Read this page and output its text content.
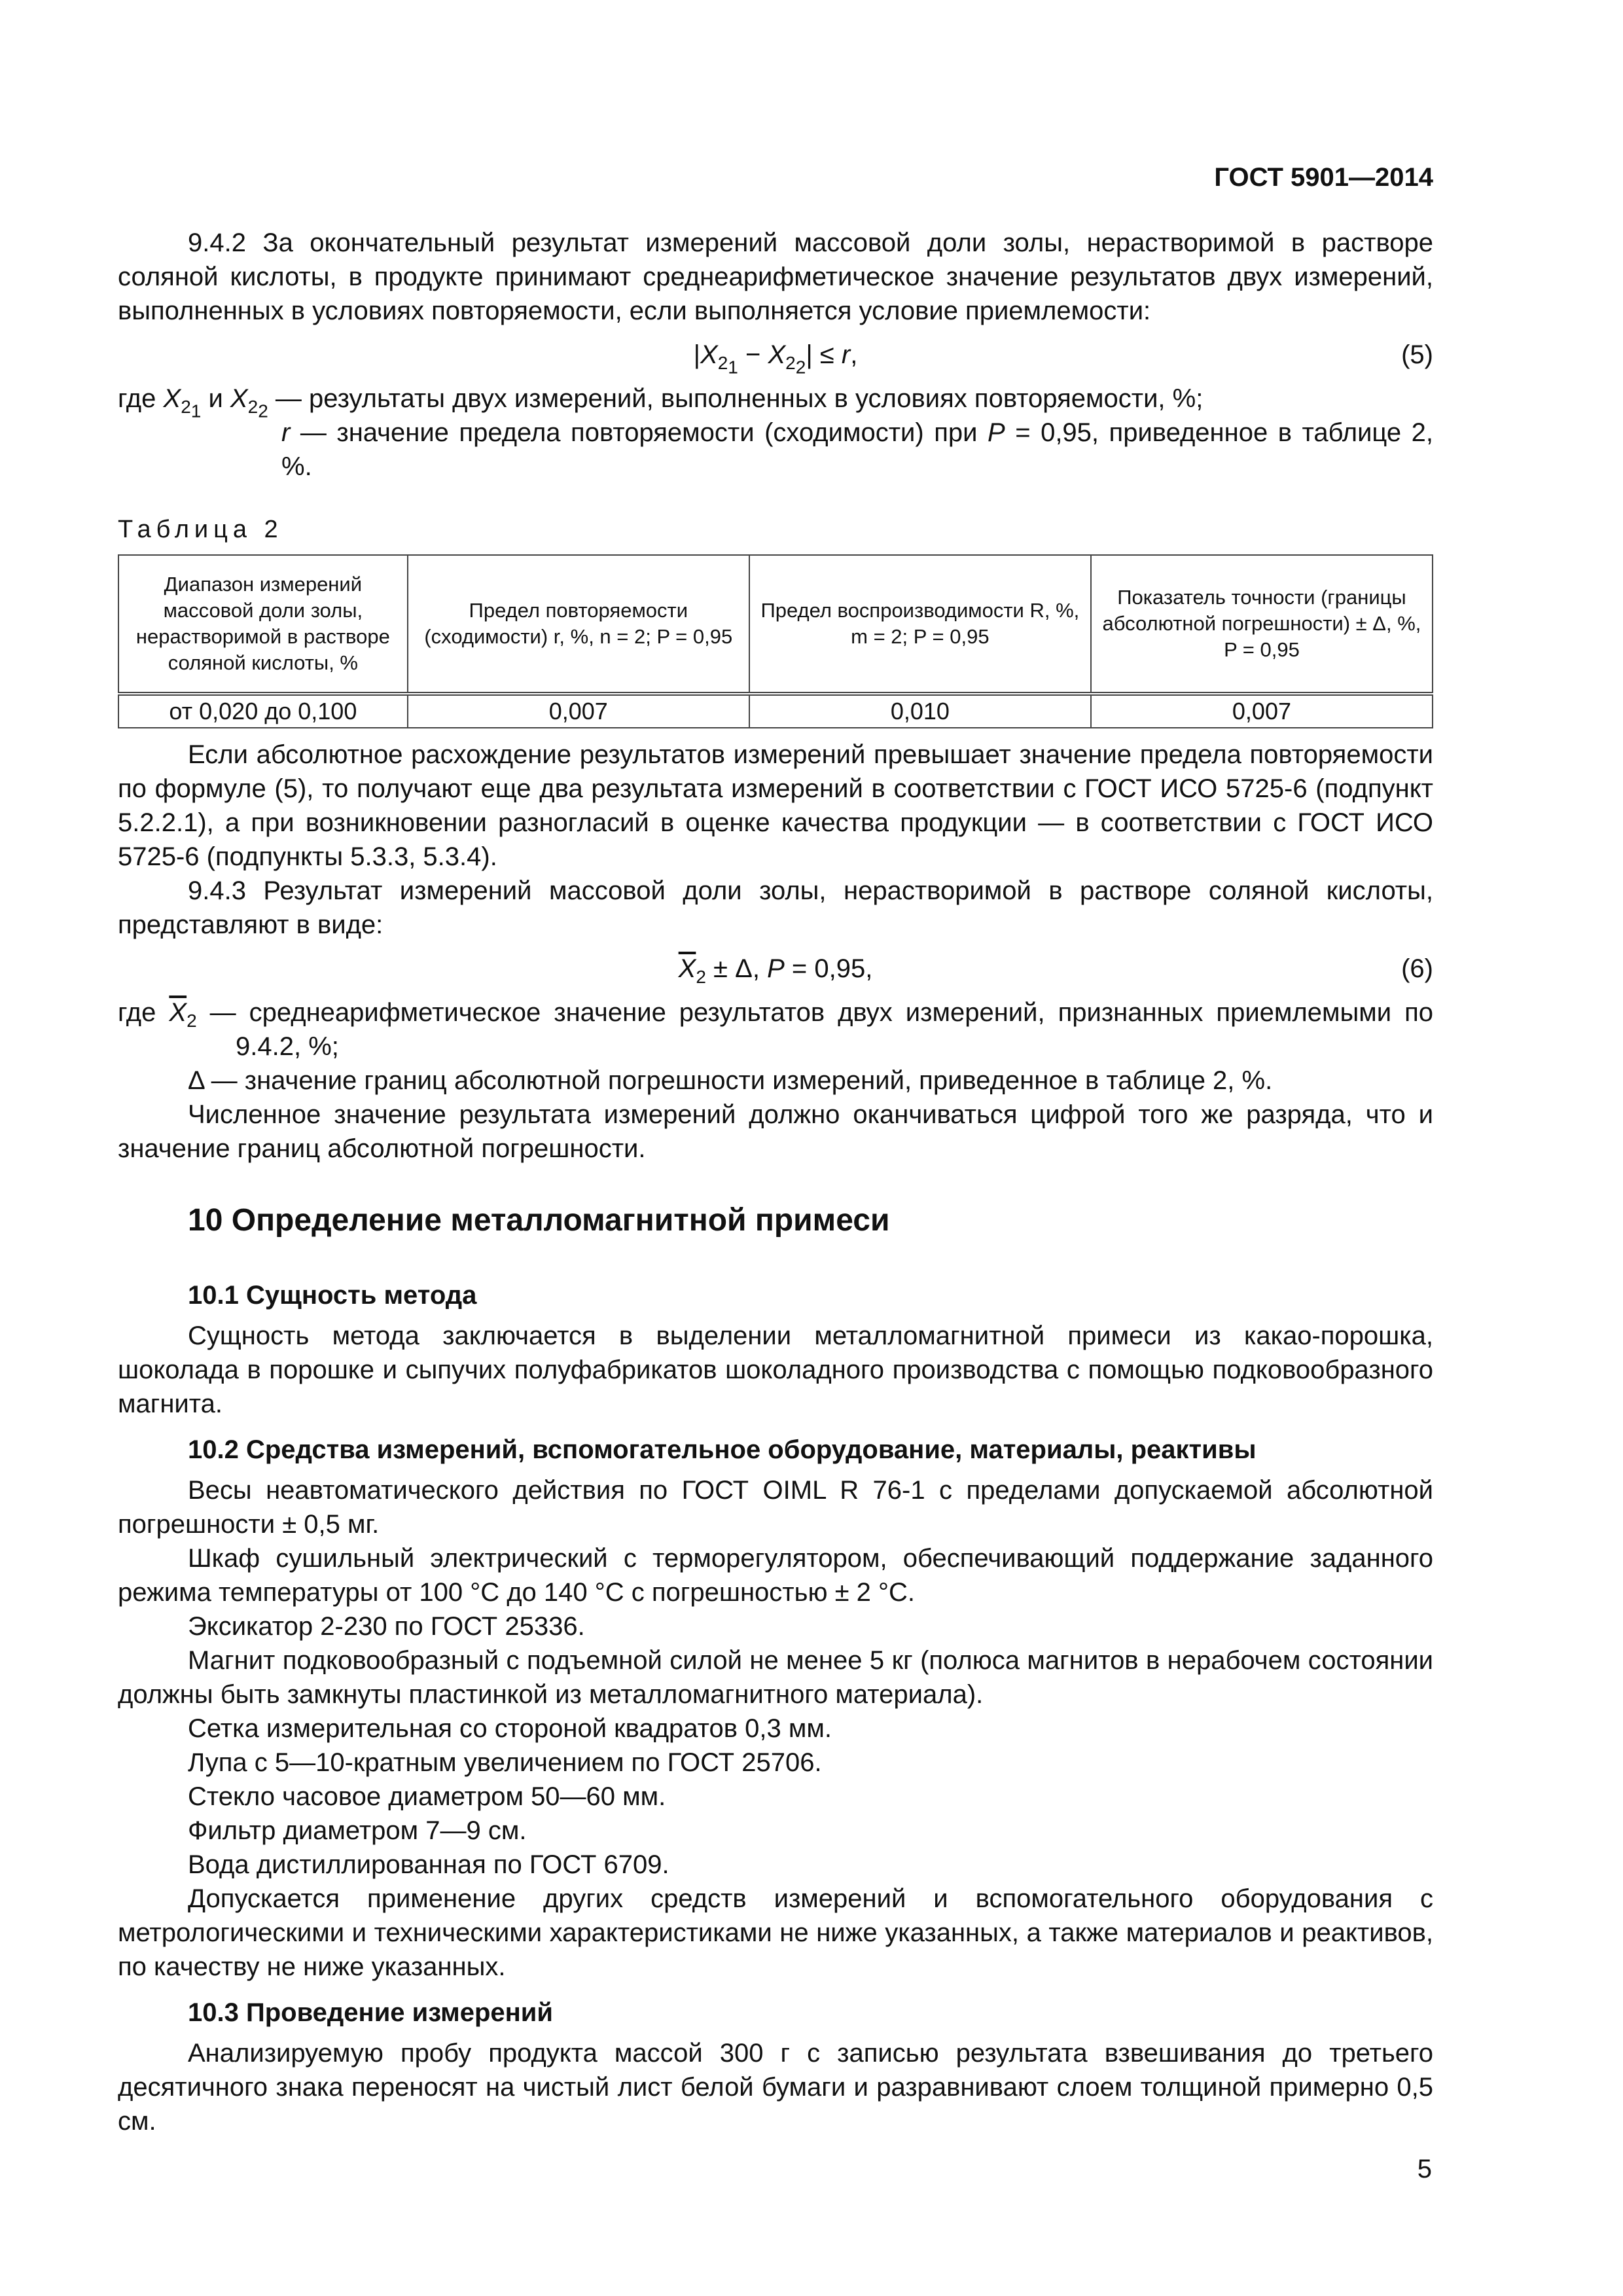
ГОСТ 5901—2014

9.4.2 За окончательный результат измерений массовой доли золы, нерастворимой в растворе соляной кислоты, в продукте принимают среднеарифметическое значение результатов двух измерений, выполненных в условиях повторяемости, если выполняется условие приемлемости:

$|X_{2_1} - X_{2_2}| \le r$,	(5)

где $X_{2_1}$ и $X_{2_2}$ — результаты двух измерений, выполненных в условиях повторяемости, %;

r — значение предела повторяемости (сходимости) при P = 0,95, приведенное в таблице 2, %.

Таблица 2
Диапазон измерений массовой доли золы, нерастворимой в растворе соляной кислоты, %	Предел повторяемости (сходимости) r, %, n = 2; P = 0,95	Предел воспроизводимости R, %, m = 2; P = 0,95	Показатель точности (границы абсолютной погрешности) ± Δ, %, P = 0,95
от 0,020 до 0,100	0,007	0,010	0,007

Если абсолютное расхождение результатов измерений превышает значение предела повторяемости по формуле (5), то получают еще два результата измерений в соответствии с ГОСТ ИСО 5725-6 (подпункт 5.2.2.1), а при возникновении разногласий в оценке качества продукции — в соответствии с ГОСТ ИСО 5725-6 (подпункты 5.3.3, 5.3.4).

9.4.3 Результат измерений массовой доли золы, нерастворимой в растворе соляной кислоты, представляют в виде:

$\overline{X}_2 \pm \Delta$, P = 0,95,	(6)

где $\overline{X}_2$ — среднеарифметическое значение результатов двух измерений, признанных приемлемыми по 9.4.2, %;

Δ — значение границ абсолютной погрешности измерений, приведенное в таблице 2, %.

Численное значение результата измерений должно оканчиваться цифрой того же разряда, что и значение границ абсолютной погрешности.

10 Определение металломагнитной примеси
10.1 Сущность метода

Сущность метода заключается в выделении металломагнитной примеси из какао-порошка, шоколада в порошке и сыпучих полуфабрикатов шоколадного производства с помощью подковообразного магнита.

10.2 Средства измерений, вспомогательное оборудование, материалы, реактивы

Весы неавтоматического действия по ГОСТ OIML R 76-1 с пределами допускаемой абсолютной погрешности ± 0,5 мг.

Шкаф сушильный электрический с терморегулятором, обеспечивающий поддержание заданного режима температуры от 100 °С до 140 °С с погрешностью ± 2 °С.

Эксикатор 2-230 по ГОСТ 25336.

Магнит подковообразный с подъемной силой не менее 5 кг (полюса магнитов в нерабочем состоянии должны быть замкнуты пластинкой из металломагнитного материала).

Сетка измерительная со стороной квадратов 0,3 мм.

Лупа с 5—10-кратным увеличением по ГОСТ 25706.

Стекло часовое диаметром 50—60 мм.

Фильтр диаметром 7—9 см.

Вода дистиллированная по ГОСТ 6709.

Допускается применение других средств измерений и вспомогательного оборудования с метрологическими и техническими характеристиками не ниже указанных, а также материалов и реактивов, по качеству не ниже указанных.

10.3 Проведение измерений

Анализируемую пробу продукта массой 300 г с записью результата взвешивания до третьего десятичного знака переносят на чистый лист белой бумаги и разравнивают слоем толщиной примерно 0,5 см.

5
